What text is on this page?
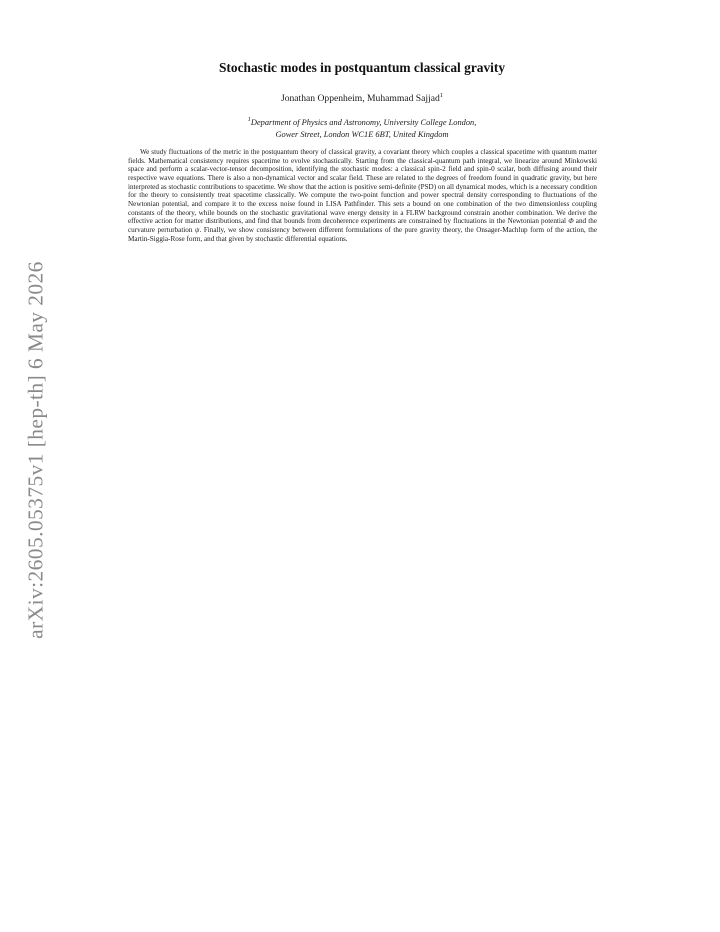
arXiv:2605.05375v1 [hep-th] 6 May 2026
Stochastic modes in postquantum classical gravity
Jonathan Oppenheim, Muhammad Sajjad$^1$
$^1$Department of Physics and Astronomy, University College London,
Gower Street, London WC1E 6BT, United Kingdom

We study fluctuations of the metric in the postquantum theory of classical gravity, a covariant theory which couples a classical spacetime with quantum matter fields. Mathematical consistency requires spacetime to evolve stochastically. Starting from the classical-quantum path integral, we linearize around Minkowski space and perform a scalar-vector-tensor decomposition, identifying the stochastic modes: a classical spin-2 field and spin-0 scalar, both diffusing around their respective wave equations. There is also a non-dynamical vector and scalar field. These are related to the degrees of freedom found in quadratic gravity, but here interpreted as stochastic contributions to spacetime. We show that the action is positive semi-definite (PSD) on all dynamical modes, which is a necessary condition for the theory to consistently treat spacetime classically. We compute the two-point function and power spectral density corresponding to fluctuations of the Newtonian potential, and compare it to the excess noise found in LISA Pathfinder. This sets a bound on one combination of the two dimensionless coupling constants of the theory, while bounds on the stochastic gravitational wave energy density in a FLRW background constrain another combination. We derive the effective action for matter distributions, and find that bounds from decoherence experiments are constrained by fluctuations in the Newtonian potential Φ and the curvature perturbation ψ. Finally, we show consistency between different formulations of the pure gravity theory, the Onsager-Machlup form of the action, the Martin-Siggia-Rose form, and that given by stochastic differential equations.
